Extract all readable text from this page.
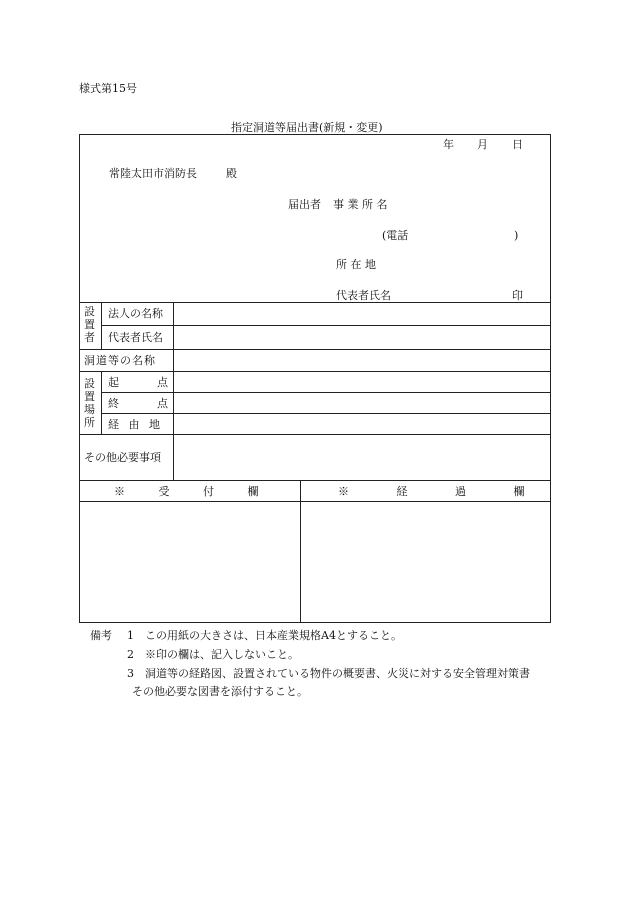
様式第15号
指定洞道等届出書(新規・変更)
年 月 日
常陸太田市消防長	殿
届出者 事 業 所 名
(電話	)
所 在 地
代表者氏名	印
設置者
法人の名称
代表者氏名
洞道等の名称
設置場所
起	点
終	点
経 由 地
その他必要事項
※ 受 付 欄	※ 経 過 欄
備考 1 この用紙の大きさは、日本産業規格A4とすること。
2 ※印の欄は、記入しないこと。
3 洞道等の経路図、設置されている物件の概要書、火災に対する安全管理対策書
その他必要な図書を添付すること。
